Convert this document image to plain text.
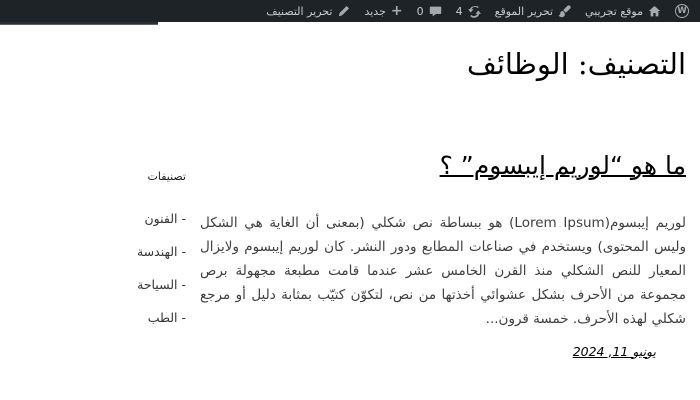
W
موقع تجريبي
تحرير الموقع
4
0
+
جديد
تحرير التصنيف
التصنيف: الوظائف
ما هو “لوريم إيبسوم” ؟

لوريم إيبسوم(Lorem Ipsum) هو ببساطة نص شكلي (بمعنى أن الغاية هي الشكل وليس المحتوى) ويستخدم في صناعات المطابع ودور النشر. كان لوريم إيبسوم ولايزال المعيار للنص الشكلي منذ القرن الخامس عشر عندما قامت مطبعة مجهولة برص مجموعة من الأحرف بشكل عشوائي أخذتها من نص، لتكوّن كتيّب بمثابة دليل أو مرجع شكلي لهذه الأحرف. خمسة قرون...

يونيو 11, 2024
تصنيفات
- الفنون
- الهندسة
- السياحة
- الطب
